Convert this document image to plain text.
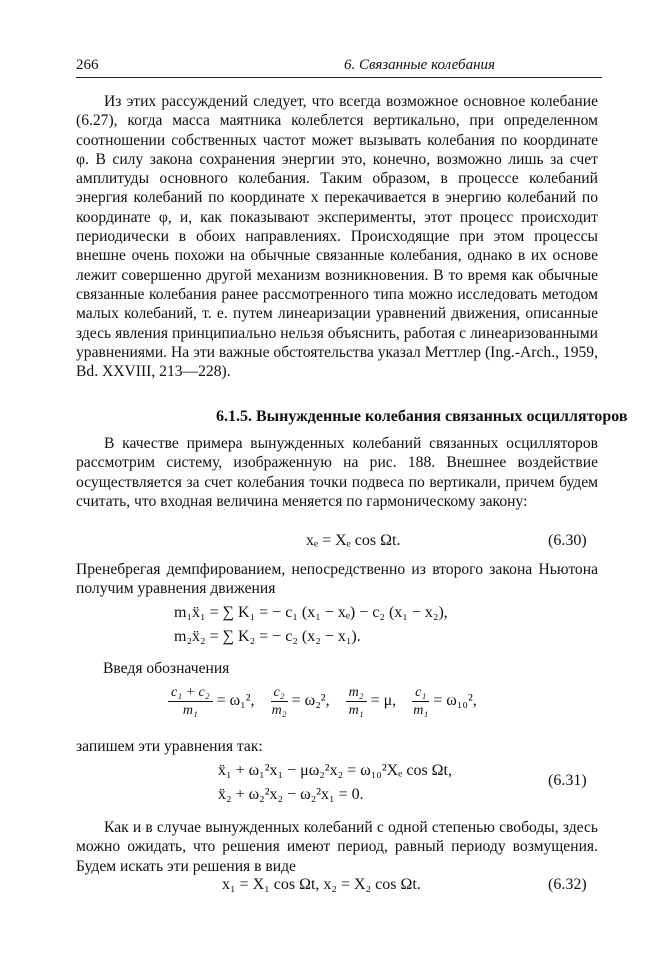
266	6. Связанные колебания

Из этих рассуждений следует, что всегда возможное основное колебание (6.27), когда масса маятника колеблется вертикально, при определенном соотношении собственных частот может вызывать колебания по координате φ. В силу закона сохранения энергии это, конечно, возможно лишь за счет амплитуды основного колебания. Таким образом, в процессе колебаний энергия колебаний по координате x перекачивается в энергию колебаний по координате φ, и, как показывают эксперименты, этот процесс происходит периодически в обоих направлениях. Происходящие при этом процессы внешне очень похожи на обычные связанные колебания, однако в их основе лежит совершенно другой механизм возникновения. В то время как обычные связанные колебания ранее рассмотренного типа можно исследовать методом малых колебаний, т. е. путем линеаризации уравнений движения, описанные здесь явления принципиально нельзя объяснить, работая с линеаризованными уравнениями. На эти важные обстоятельства указал Меттлер (Ing.-Arch., 1959, Bd. XXVIII, 213—228).

6.1.5. Вынужденные колебания связанных осцилляторов

В качестве примера вынужденных колебаний связанных осцилляторов рассмотрим систему, изображенную на рис. 188. Внешнее воздействие осуществляется за счет колебания точки подвеса по вертикали, причем будем считать, что входная величина меняется по гармоническому закону:

xₑ = Xₑ cos Ωt.	(6.30)

Пренебрегая демпфированием, непосредственно из второго закона Ньютона получим уравнения движения

m₁ẍ₁ = ∑ K₁ = − c₁ (x₁ − xₑ) − c₂ (x₁ − x₂),
m₂ẍ₂ = ∑ K₂ = − c₂ (x₂ − x₁).
Введя обозначения
$\frac{\text{c₁ + c₂}}{\text{m₁}} = \omega_1^2$, $\frac{\text{c₂}}{\text{m₂}} = \omega_2^2$, $\frac{\text{m₂}}{\text{m₁}} = \mu$, $\frac{\text{c₁}}{\text{m₁}} = \omega_{10}^2$,
запишем эти уравнения так:
ẍ₁ + ω₁²x₁ − μω₂²x₂ = ω₁₀²Xₑ cos Ωt,
ẍ₂ + ω₂²x₂ − ω₂²x₁ = 0.
(6.31)

Как и в случае вынужденных колебаний с одной степенью свободы, здесь можно ожидать, что решения имеют период, равный периоду возмущения. Будем искать эти решения в виде

x₁ = X₁ cos Ωt, x₂ = X₂ cos Ωt.	(6.32)
